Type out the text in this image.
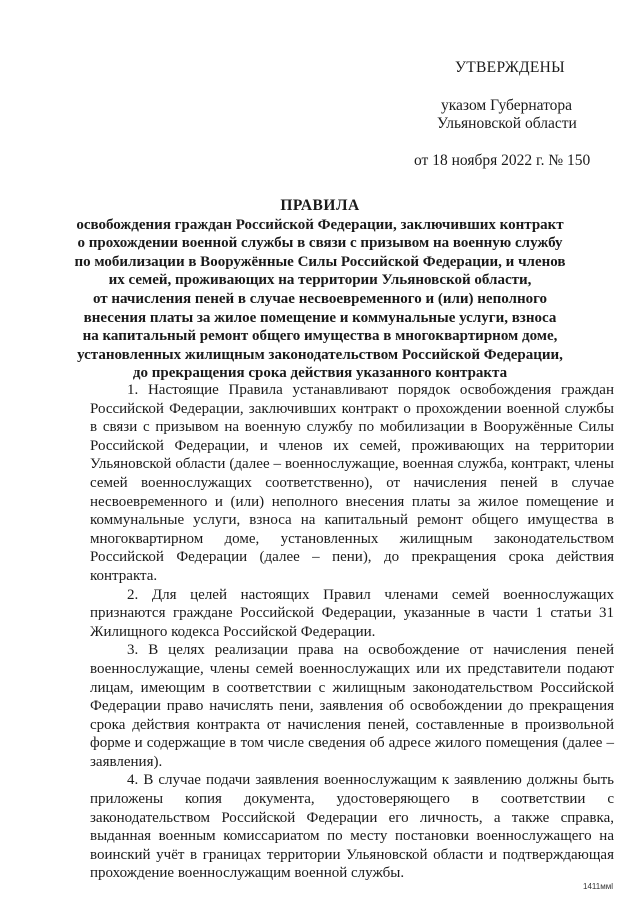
УТВЕРЖДЕНЫ
указом Губернатора
Ульяновской области
от 18 ноября 2022 г. № 150
ПРАВИЛА
освобождения граждан Российской Федерации, заключивших контракт
о прохождении военной службы в связи с призывом на военную службу
по мобилизации в Вооружённые Силы Российской Федерации, и членов
их семей, проживающих на территории Ульяновской области,
от начисления пеней в случае несвоевременного и (или) неполного
внесения платы за жилое помещение и коммунальные услуги, взноса
на капитальный ремонт общего имущества в многоквартирном доме,
установленных жилищным законодательством Российской Федерации,
до прекращения срока действия указанного контракта

1. Настоящие Правила устанавливают порядок освобождения граждан Российской Федерации, заключивших контракт о прохождении военной службы в связи с призывом на военную службу по мобилизации в Вооружённые Силы Российской Федерации, и членов их семей, проживающих на территории Ульяновской области (далее – военнослужащие, военная служба, контракт, члены семей военнослужащих соответственно), от начисления пеней в случае несвоевременного и (или) неполного внесения платы за жилое помещение и коммунальные услуги, взноса на капитальный ремонт общего имущества в многоквартирном доме, установленных жилищным законодательством Российской Федерации (далее – пени), до прекращения срока действия контракта.

2. Для целей настоящих Правил членами семей военнослужащих признаются граждане Российской Федерации, указанные в части 1 статьи 31 Жилищного кодекса Российской Федерации.

3. В целях реализации права на освобождение от начисления пеней военнослужащие, члены семей военнослужащих или их представители подают лицам, имеющим в соответствии с жилищным законодательством Российской Федерации право начислять пени, заявления об освобождении до прекращения срока действия контракта от начисления пеней, составленные в произвольной форме и содержащие в том числе сведения об адресе жилого помещения (далее – заявления).

4. В случае подачи заявления военнослужащим к заявлению должны быть приложены копия документа, удостоверяющего в соответствии с законодательством Российской Федерации его личность, а также справка, выданная военным комиссариатом по месту постановки военнослужащего на воинский учёт в границах территории Ульяновской области и подтверждающая прохождение военнослужащим военной службы.

1411ммl
